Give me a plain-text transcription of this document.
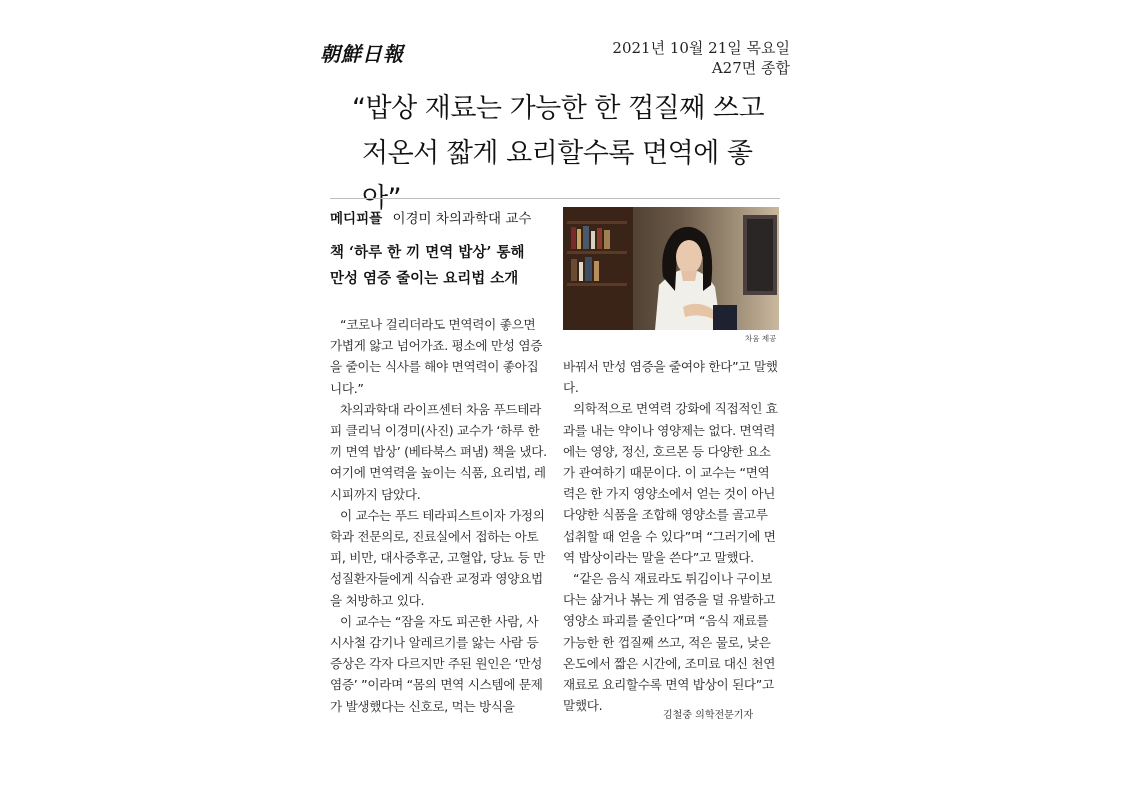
朝鮮日報	2021년 10월 21일 목요일
A27면 종합
“밥상 재료는 가능한 한 껍질째 쓰고
저온서 짧게 요리할수록 면역에 좋아”
메디피플 이경미 차의과학대 교수
책 ‘하루 한 끼 면역 밥상’ 통해
만성 염증 줄이는 요리법 소개
차움 제공

“코로나 걸리더라도 면역력이 좋으면 가볍게 앓고 넘어가죠. 평소에 만성 염증을 줄이는 식사를 해야 면역력이 좋아집니다.”

차의과학대 라이프센터 차움 푸드테라피 클리닉 이경미(사진) 교수가 ‘하루 한 끼 면역 밥상’ (베타북스 펴냄) 책을 냈다. 여기에 면역력을 높이는 식품, 요리법, 레시피까지 담았다.

이 교수는 푸드 테라피스트이자 가정의학과 전문의로, 진료실에서 접하는 아토피, 비만, 대사증후군, 고혈압, 당뇨 등 만성질환자들에게 식습관 교정과 영양요법을 처방하고 있다.

이 교수는 “잠을 자도 피곤한 사람, 사시사철 감기나 알레르기를 앓는 사람 등 증상은 각자 다르지만 주된 원인은 ‘만성 염증’ ”이라며 “몸의 면역 시스템에 문제가 발생했다는 신호로, 먹는 방식을

바꿔서 만성 염증을 줄여야 한다”고 말했다.

의학적으로 면역력 강화에 직접적인 효과를 내는 약이나 영양제는 없다. 면역력에는 영양, 정신, 호르몬 등 다양한 요소가 관여하기 때문이다. 이 교수는 “면역력은 한 가지 영양소에서 얻는 것이 아닌 다양한 식품을 조합해 영양소를 골고루 섭취할 때 얻을 수 있다”며 “그러기에 면역 밥상이라는 말을 쓴다”고 말했다.

“같은 음식 재료라도 튀김이나 구이보다는 삶거나 볶는 게 염증을 덜 유발하고 영양소 파괴를 줄인다”며 “음식 재료를 가능한 한 껍질째 쓰고, 적은 물로, 낮은 온도에서 짧은 시간에, 조미료 대신 천연 재료로 요리할수록 면역 밥상이 된다”고 말했다.

김철중 의학전문기자
